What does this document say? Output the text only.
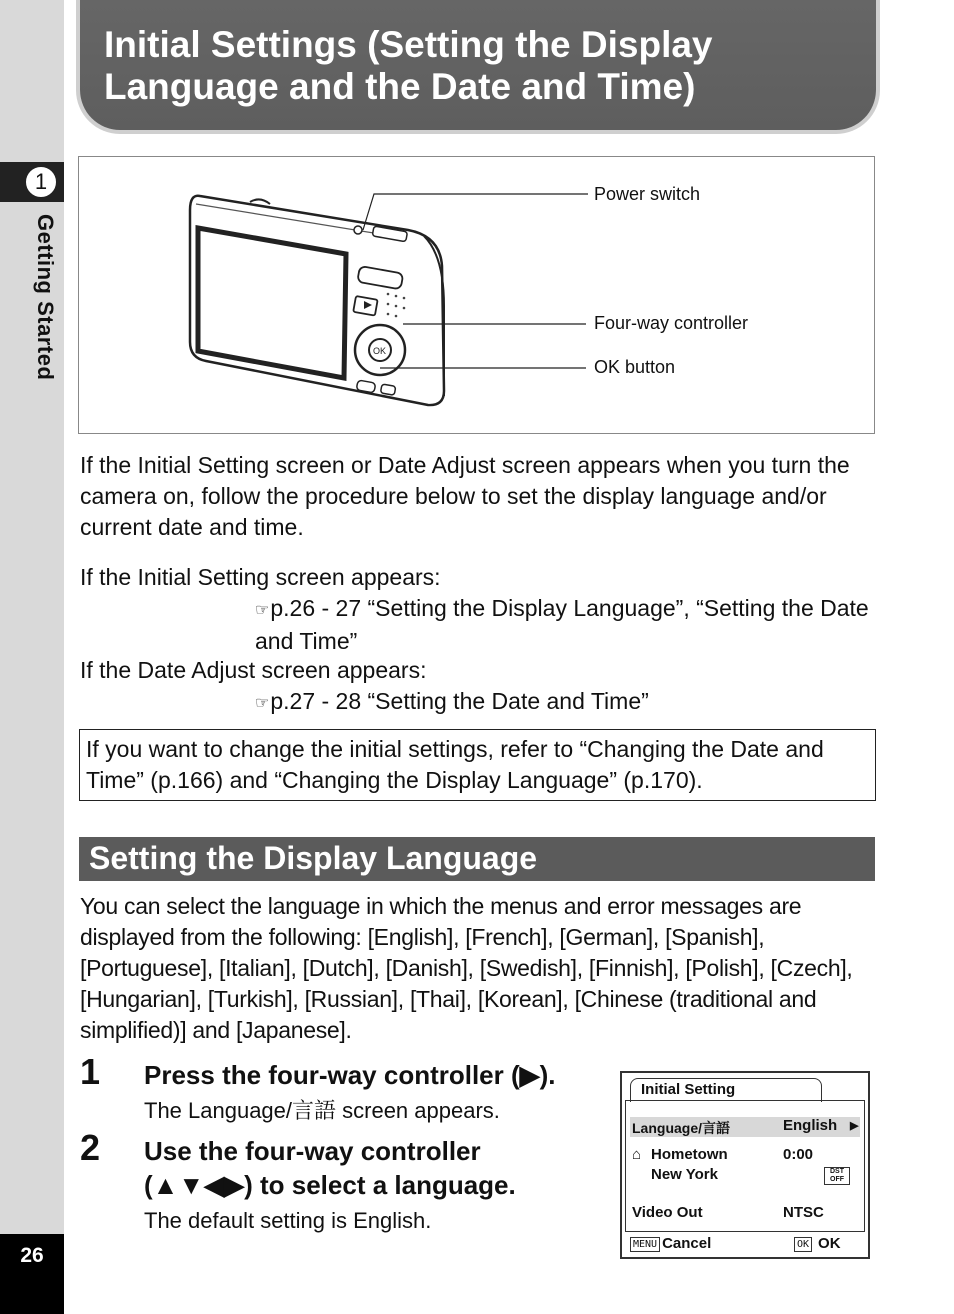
1
Getting Started
26
Initial Settings (Setting the Display Language and the Date and Time)
OK
Power switch
Four-way controller
OK button
If the Initial Setting screen or Date Adjust screen appears when you turn the camera on, follow the procedure below to set the display language and/or current date and time.
If the Initial Setting screen appears:
☞p.26 - 27 “Setting the Display Language”, “Setting the Date and Time”
If the Date Adjust screen appears:
☞p.27 - 28 “Setting the Date and Time”
If you want to change the initial settings, refer to “Changing the Date and Time” (p.166) and “Changing the Display Language” (p.170).
Setting the Display Language
You can select the language in which the menus and error messages are displayed from the following: [English], [French], [German], [Spanish], [Portuguese], [Italian], [Dutch], [Danish], [Swedish], [Finnish], [Polish], [Czech], [Hungarian], [Turkish], [Russian], [Thai], [Korean], [Chinese (traditional and simplified)] and [Japanese].
1 Press the four-way controller (▶).
The Language/言語 screen appears.
2 Use the four-way controller
(▲▼◀▶) to select a language.
The default setting is English.
Initial Setting
Language/言語	English ▶
⌂ Hometown	0:00
New York	DST OFF
Video Out	NTSC
MENU Cancel	OK OK
